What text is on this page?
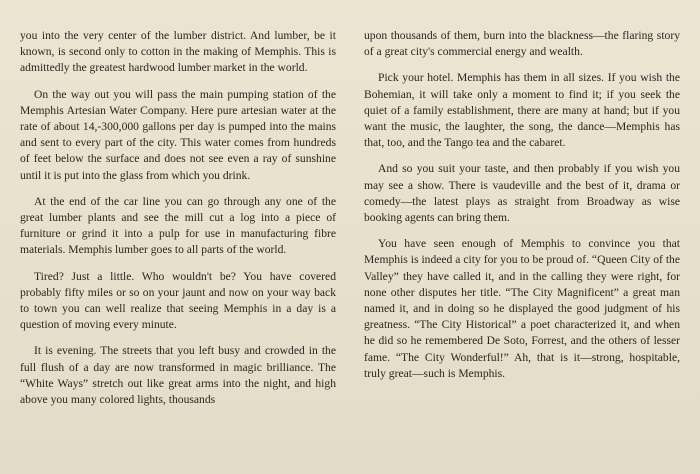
you into the very center of the lumber district. And lumber, be it known, is second only to cotton in the making of Memphis. This is admittedly the greatest hardwood lumber market in the world.

On the way out you will pass the main pumping station of the Memphis Artesian Water Company. Here pure artesian water at the rate of about 14,-300,000 gallons per day is pumped into the mains and sent to every part of the city. This water comes from hundreds of feet below the surface and does not see even a ray of sunshine until it is put into the glass from which you drink.

At the end of the car line you can go through any one of the great lumber plants and see the mill cut a log into a piece of furniture or grind it into a pulp for use in manufacturing fibre materials. Memphis lumber goes to all parts of the world.

Tired? Just a little. Who wouldn't be? You have covered probably fifty miles or so on your jaunt and now on your way back to town you can well realize that seeing Memphis in a day is a question of moving every minute.

It is evening. The streets that you left busy and crowded in the full flush of a day are now transformed in magic brilliance. The “White Ways” stretch out like great arms into the night, and high above you many colored lights, thousands

upon thousands of them, burn into the blackness—the flaring story of a great city's commercial energy and wealth.

Pick your hotel. Memphis has them in all sizes. If you wish the Bohemian, it will take only a moment to find it; if you seek the quiet of a family establishment, there are many at hand; but if you want the music, the laughter, the song, the dance—Memphis has that, too, and the Tango tea and the cabaret.

And so you suit your taste, and then probably if you wish you may see a show. There is vaudeville and the best of it, drama or comedy—the latest plays as straight from Broadway as wise booking agents can bring them.

You have seen enough of Memphis to convince you that Memphis is indeed a city for you to be proud of. “Queen City of the Valley” they have called it, and in the calling they were right, for none other disputes her title. “The City Magnificent” a great man named it, and in doing so he displayed the good judgment of his greatness. “The City Historical” a poet characterized it, and when he did so he remembered De Soto, Forrest, and the others of lesser fame. “The City Wonderful!” Ah, that is it—strong, hospitable, truly great—such is Memphis.
